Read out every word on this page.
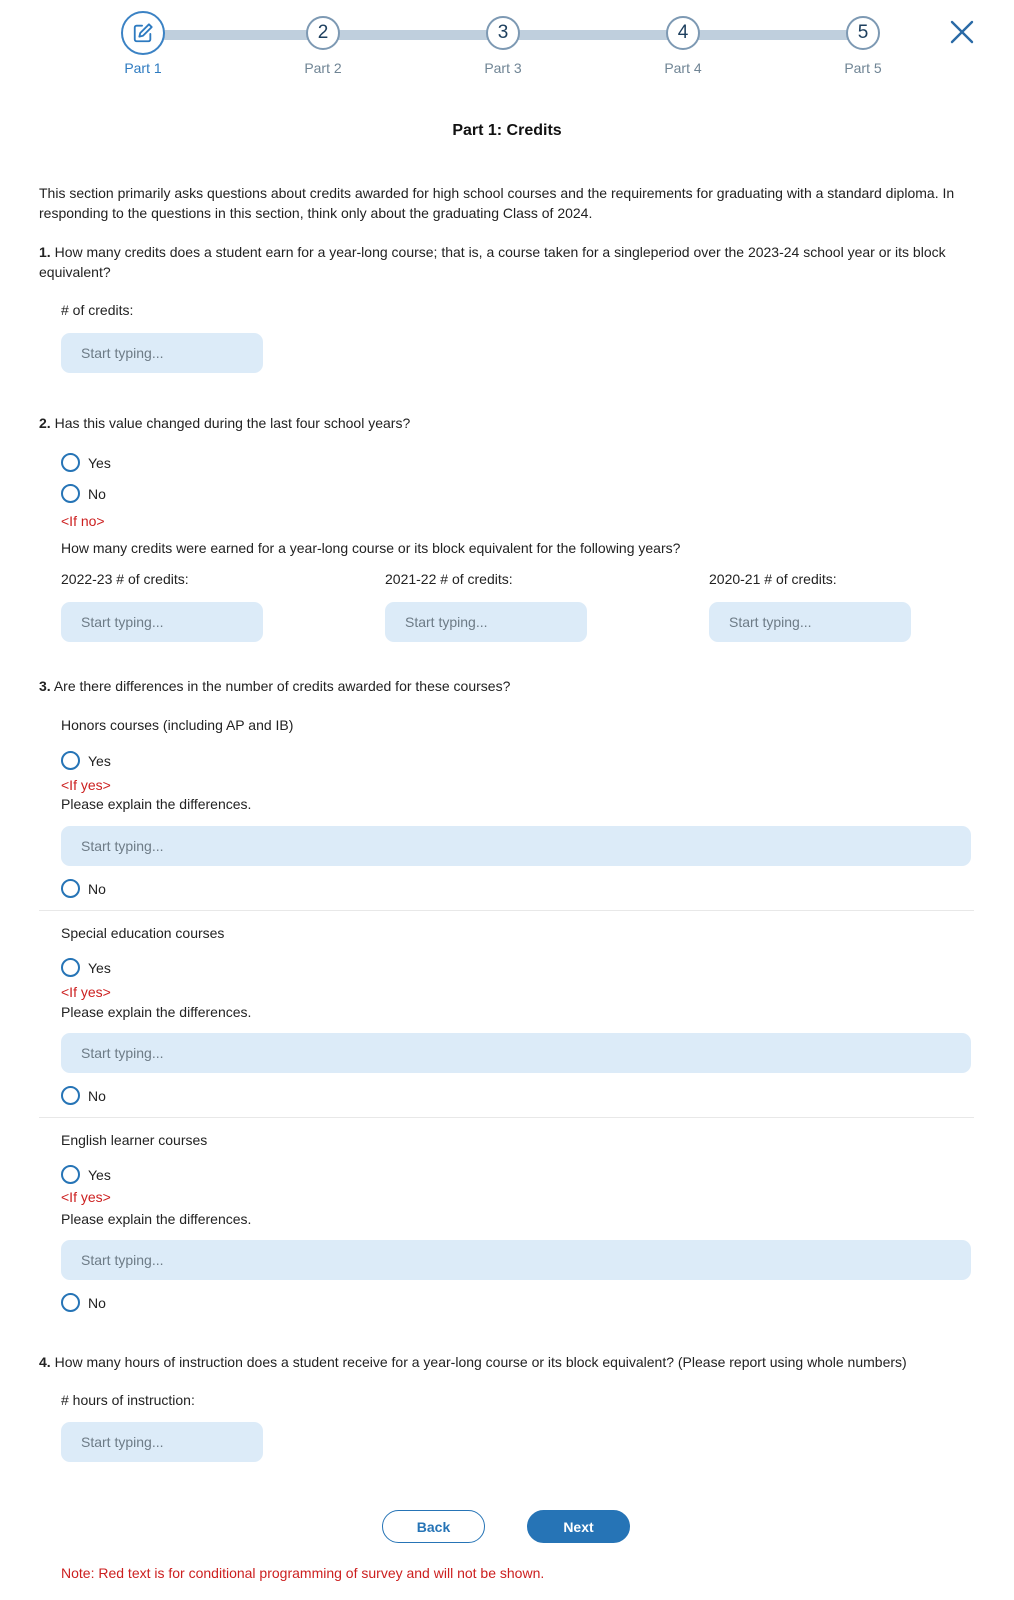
2	3	4	5
Part 1	Part 2	Part 3	Part 4	Part 5
Part 1: Credits
This section primarily asks questions about credits awarded for high school courses and the requirements for graduating with a standard diploma. In responding to the questions in this section, think only about the graduating Class of 2024.
1. How many credits does a student earn for a year-long course; that is, a course taken for a singleperiod over the 2023-24 school year or its block equivalent?
# of credits:
Start typing...
2. Has this value changed during the last four school years?
Yes
No
<If no>
How many credits were earned for a year-long course or its block equivalent for the following years?
2022-23 # of credits:	2021-22 # of credits:	2020-21 # of credits:
Start typing...
Start typing...
Start typing...
3. Are there differences in the number of credits awarded for these courses?
Honors courses (including AP and IB)
Yes
<If yes>
Please explain the differences.
Start typing...
No
Special education courses
Yes
<If yes>
Please explain the differences.
Start typing...
No
English learner courses
Yes
<If yes>
Please explain the differences.
Start typing...
No
4. How many hours of instruction does a student receive for a year-long course or its block equivalent? (Please report using whole numbers)
# hours of instruction:
Start typing...
Back	Next
Note: Red text is for conditional programming of survey and will not be shown.
